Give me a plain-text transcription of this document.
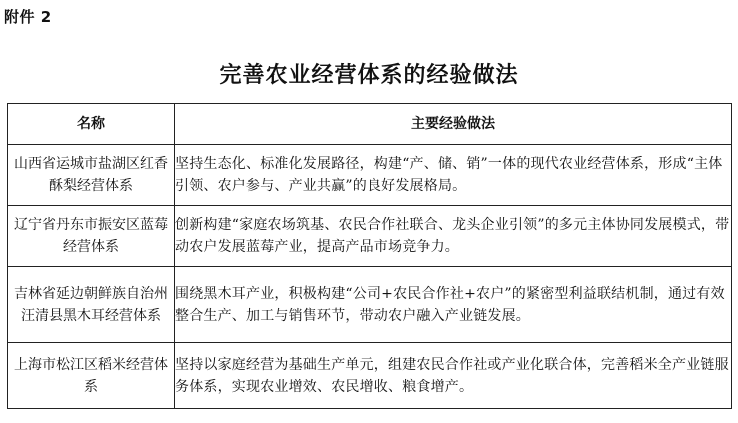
附件 2
完善农业经营体系的经验做法
名称	主要经验做法
山西省运城市盐湖区红香酥梨经营体系	坚持生态化、标准化发展路径，构建“产、储、销”一体的现代农业经营体系，形成“主体引领、农户参与、产业共赢”的良好发展格局。
辽宁省丹东市振安区蓝莓经营体系	创新构建“家庭农场筑基、农民合作社联合、龙头企业引领”的多元主体协同发展模式，带动农户发展蓝莓产业，提高产品市场竞争力。
吉林省延边朝鲜族自治州汪清县黑木耳经营体系	围绕黑木耳产业，积极构建“公司+农民合作社+农户”的紧密型利益联结机制，通过有效整合生产、加工与销售环节，带动农户融入产业链发展。
上海市松江区稻米经营体系	坚持以家庭经营为基础生产单元，组建农民合作社或产业化联合体，完善稻米全产业链服务体系，实现农业增效、农民增收、粮食增产。
